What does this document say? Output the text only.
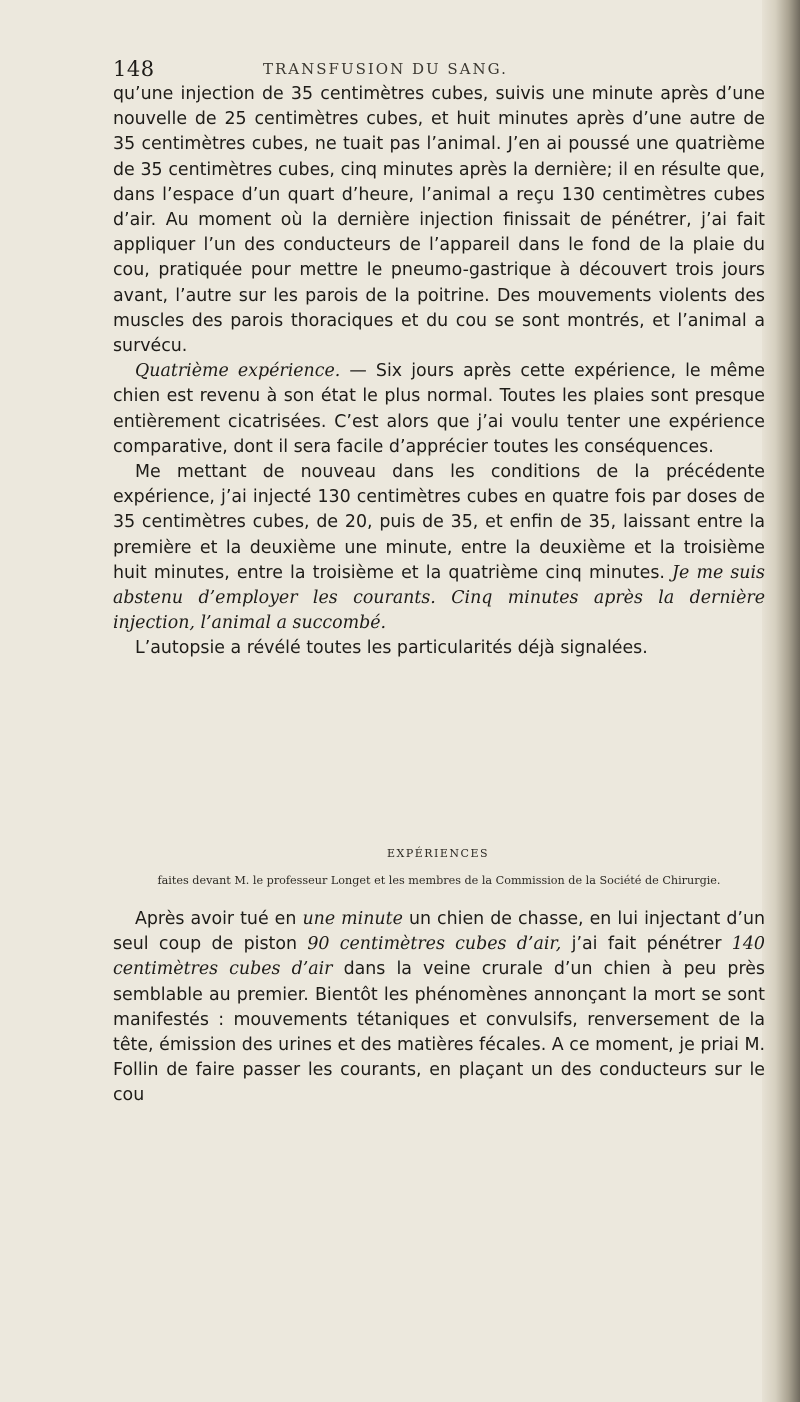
148	TRANSFUSION DU SANG.

qu’une injection de 35 centimètres cubes, suivis une minute après d’une nouvelle de 25 centimètres cubes, et huit minutes après d’une autre de 35 centimètres cubes, ne tuait pas l’animal. J’en ai poussé une quatrième de 35 centimètres cubes, cinq minutes après la dernière; il en résulte que, dans l’espace d’un quart d’heure, l’animal a reçu 130 centimètres cubes d’air. Au moment où la dernière injection finissait de pénétrer, j’ai fait appliquer l’un des conducteurs de l’appareil dans le fond de la plaie du cou, pratiquée pour mettre le pneumo-gastrique à découvert trois jours avant, l’autre sur les parois de la poitrine. Des mouvements violents des muscles des parois thoraciques et du cou se sont montrés, et l’animal a survécu.

Quatrième expérience. — Six jours après cette expérience, le même chien est revenu à son état le plus normal. Toutes les plaies sont presque entièrement cicatrisées. C’est alors que j’ai voulu tenter une expérience comparative, dont il sera facile d’apprécier toutes les conséquences.

Me mettant de nouveau dans les conditions de la précédente expérience, j’ai injecté 130 centimètres cubes en quatre fois par doses de 35 centimètres cubes, de 20, puis de 35, et enfin de 35, laissant entre la première et la deuxième une minute, entre la deuxième et la troisième huit minutes, entre la troisième et la quatrième cinq minutes. Je me suis abstenu d’employer les courants. Cinq minutes après la dernière injection, l’animal a succombé.

L’autopsie a révélé toutes les particularités déjà signalées.

EXPÉRIENCES
faites devant M. le professeur Longet et les membres de la Commission de la Société de Chirurgie.

Après avoir tué en une minute un chien de chasse, en lui injectant d’un seul coup de piston 90 centimètres cubes d’air, j’ai fait pénétrer 140 centimètres cubes d’air dans la veine crurale d’un chien à peu près semblable au premier. Bientôt les phénomènes annonçant la mort se sont manifestés : mouvements tétaniques et convulsifs, renversement de la tête, émission des urines et des matières fécales. A ce moment, je priai M. Follin de faire passer les courants, en plaçant un des conducteurs sur le cou
